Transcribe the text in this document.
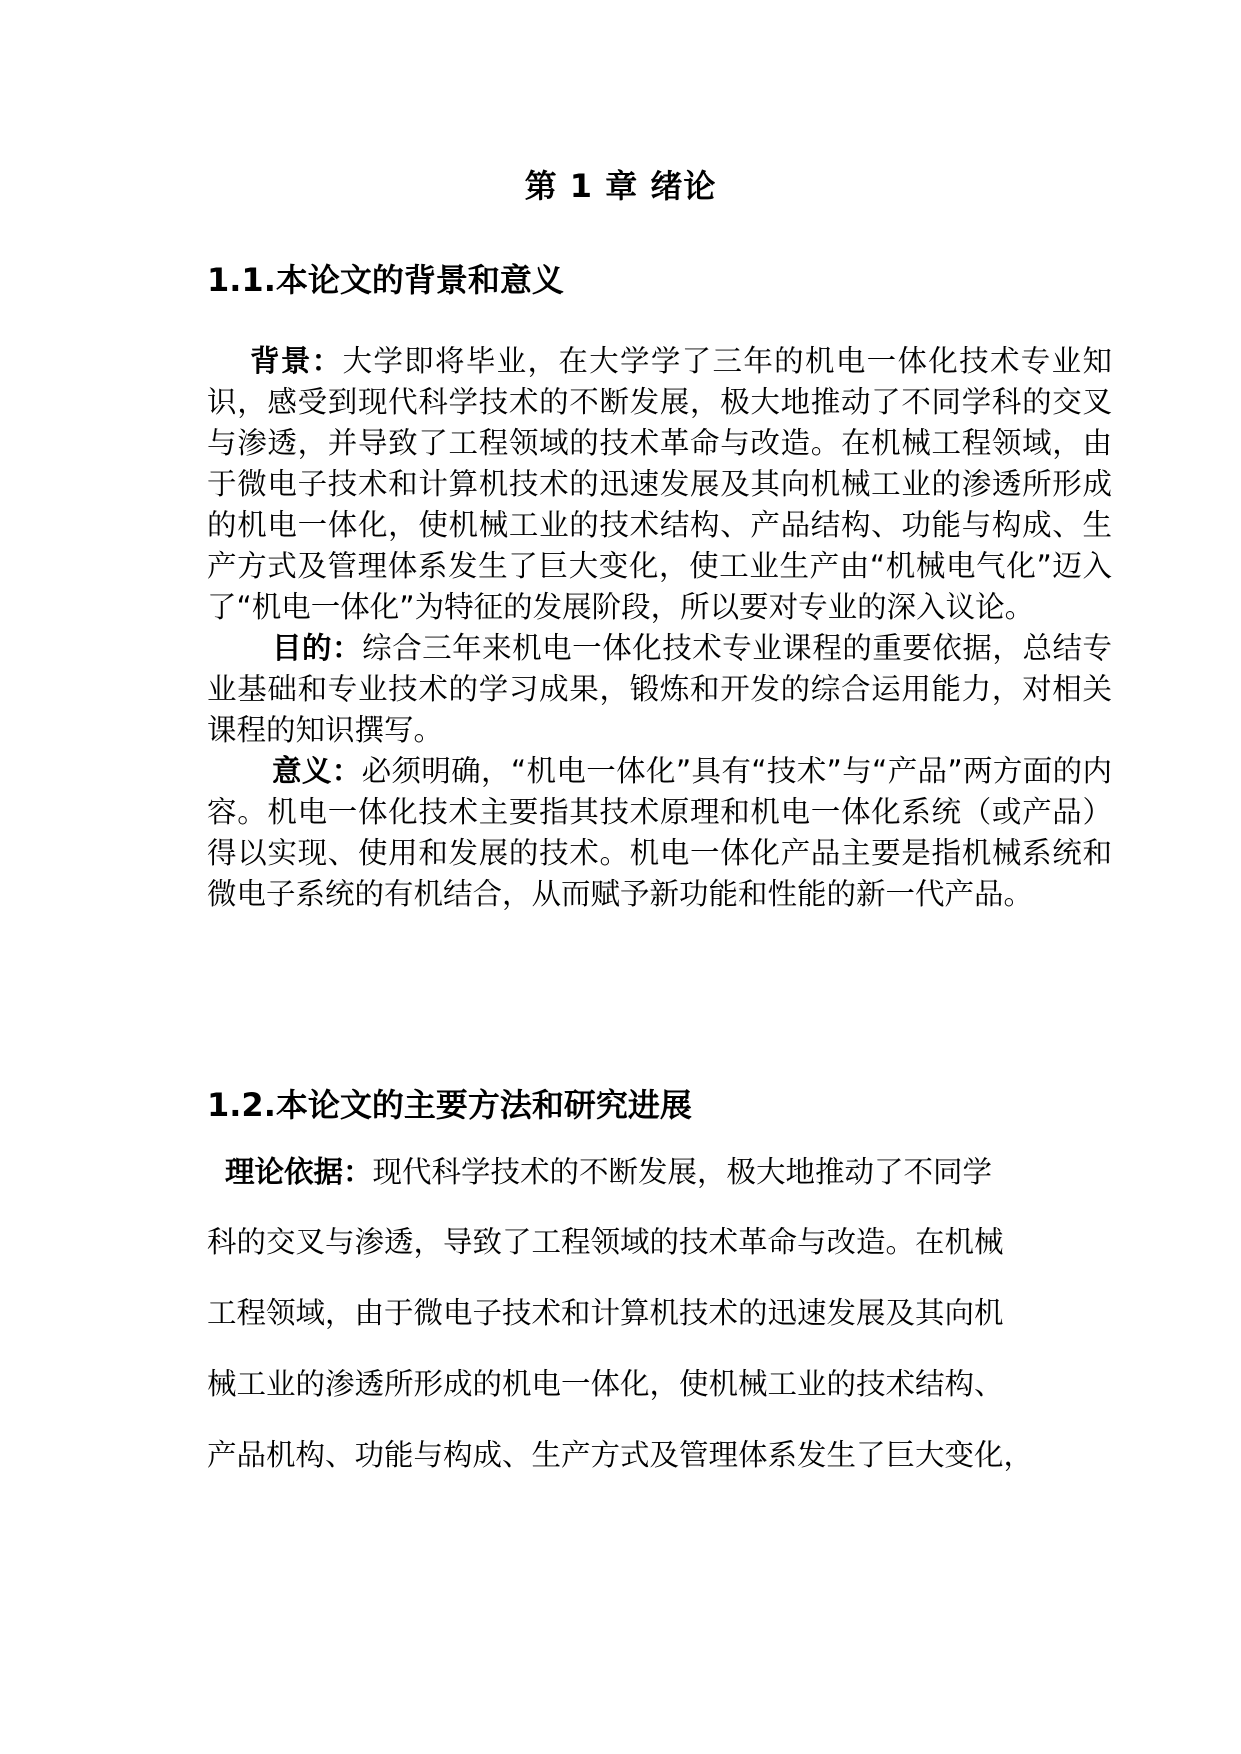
第 1 章 绪论
1.1.本论文的背景和意义

背景：大学即将毕业，在大学学了三年的机电一体化技术专业知识，感受到现代科学技术的不断发展，极大地推动了不同学科的交叉与渗透，并导致了工程领域的技术革命与改造。在机械工程领域，由于微电子技术和计算机技术的迅速发展及其向机械工业的渗透所形成的机电一体化，使机械工业的技术结构、产品结构、功能与构成、生产方式及管理体系发生了巨大变化，使工业生产由“机械电气化”迈入了“机电一体化”为特征的发展阶段，所以要对专业的深入议论。

目的：综合三年来机电一体化技术专业课程的重要依据，总结专业基础和专业技术的学习成果，锻炼和开发的综合运用能力，对相关课程的知识撰写。

意义：必须明确，“机电一体化”具有“技术”与“产品”两方面的内容。机电一体化技术主要指其技术原理和机电一体化系统（或产品）得以实现、使用和发展的技术。机电一体化产品主要是指机械系统和微电子系统的有机结合，从而赋予新功能和性能的新一代产品。

1.2.本论文的主要方法和研究进展
理论依据：现代科学技术的不断发展，极大地推动了不同学
科的交叉与渗透，导致了工程领域的技术革命与改造。在机械
工程领域，由于微电子技术和计算机技术的迅速发展及其向机
械工业的渗透所形成的机电一体化，使机械工业的技术结构、
产品机构、功能与构成、生产方式及管理体系发生了巨大变化，
